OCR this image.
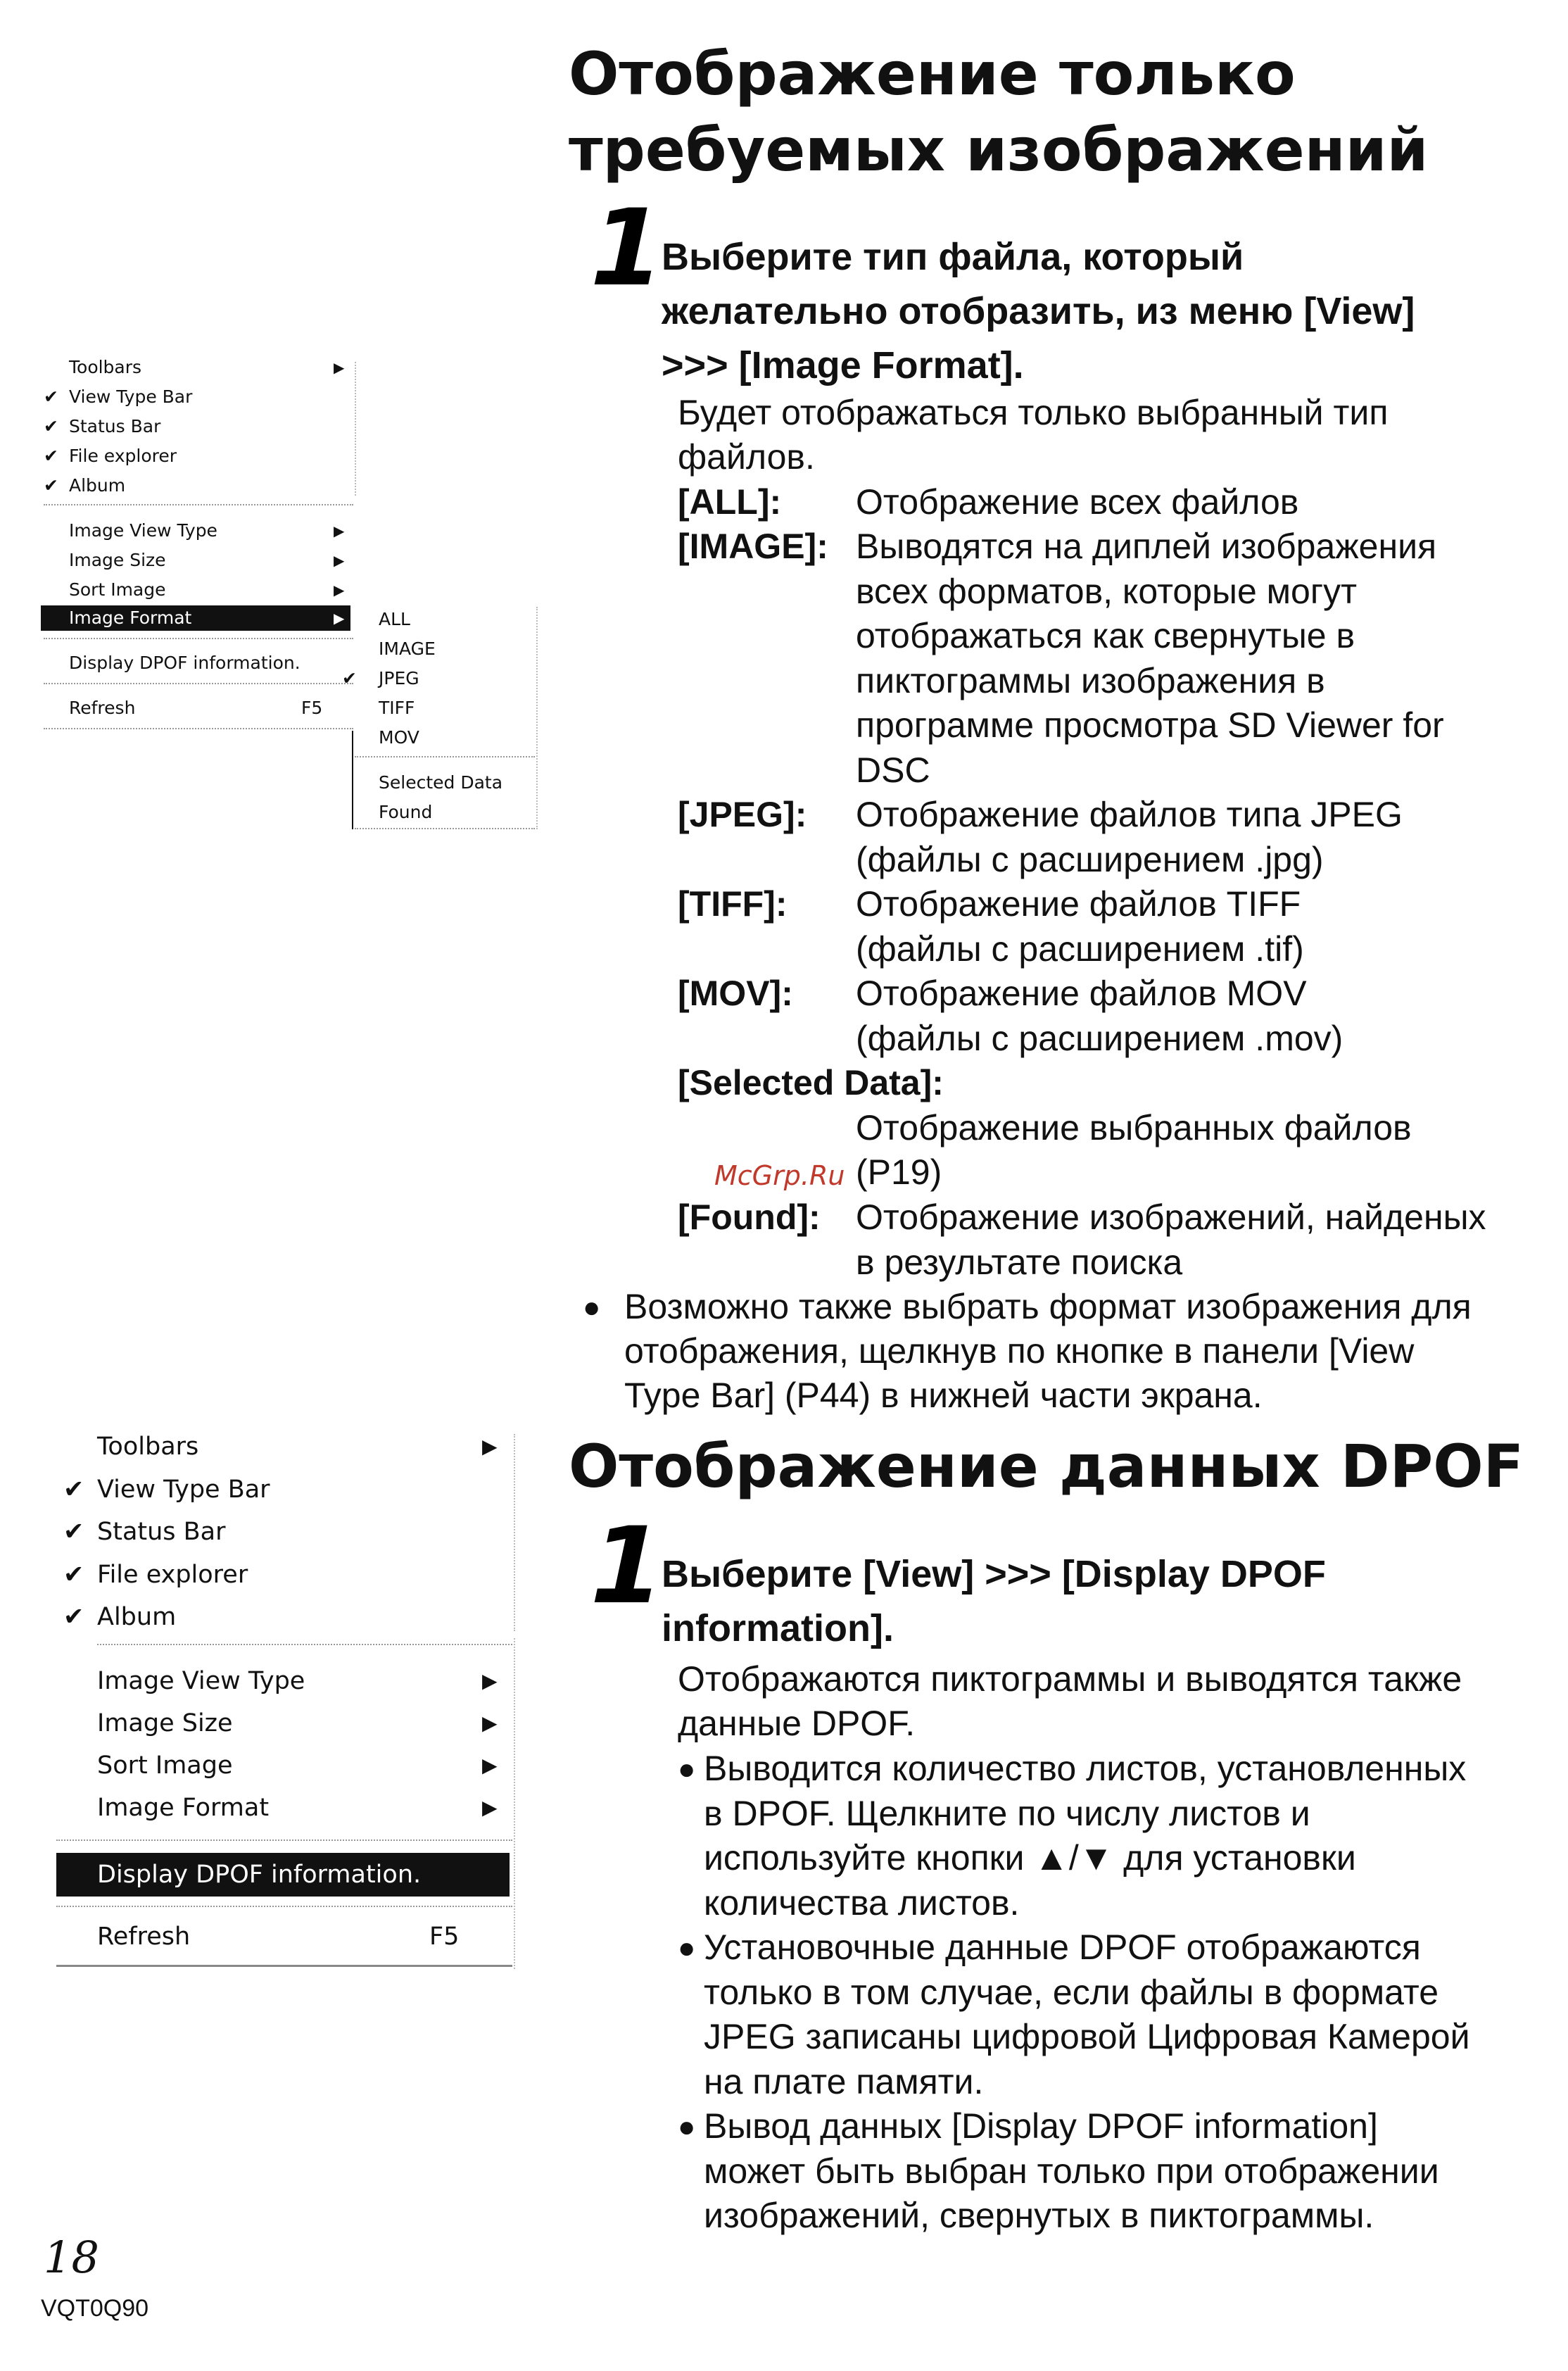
Отображение только
требуемых изображений
1
Выберите тип файла, который
желательно отобразить, из меню [View]
>>> [Image Format].
Будет отображаться только выбранный тип
файлов.
[ALL]: Отображение всех файлов
[IMAGE]: Выводятся на диплей изображения
всех форматов, которые могут
отображаться как свернутые в
пиктограммы изображения в
программе просмотра SD Viewer for
DSC
[JPEG]: Отображение файлов типа JPEG
(файлы с расширением .jpg)
[TIFF]: Отображение файлов TIFF
(файлы с расширением .tif)
[MOV]: Отображение файлов MOV
(файлы с расширением .mov)
[Selected Data]:
Отображение выбранных файлов
(P19)
McGrp.Ru
[Found]: Отображение изображений, найденых
в результате поиска
● Возможно также выбрать формат изображения для
отображения, щелкнув по кнопке в панели [View
Type Bar] (P44) в нижней части экрана.
Отображение данных DPOF
1
Выберите [View] >>> [Display DPOF
information].
Отображаются пиктограммы и выводятся также
данные DPOF.
● Выводится количество листов, установленных
в DPOF. Щелкните по числу листов и
используйте кнопки ▲/▼ для установки
количества листов.
● Установочные данные DPOF отображаются
только в том случае, если файлы в формате
JPEG записаны цифровой Цифровая Камерой
на плате памяти.
● Вывод данных [Display DPOF information]
может быть выбран только при отображении
изображений, свернутых в пиктограммы.
Toolbars	▶
✔ View Type Bar
✔ Status Bar
✔ File explorer
✔ Album
Image View Type	▶
Image Size	▶
Sort Image	▶
Image Format	▶
Display DPOF information.
Refresh	F5
ALL
IMAGE
✔ JPEG
TIFF
MOV
Selected Data
Found
Toolbars	▶
✔ View Type Bar
✔ Status Bar
✔ File explorer
✔ Album
Image View Type	▶
Image Size	▶
Sort Image	▶
Image Format	▶
Display DPOF information.
Refresh	F5
18
VQT0Q90
